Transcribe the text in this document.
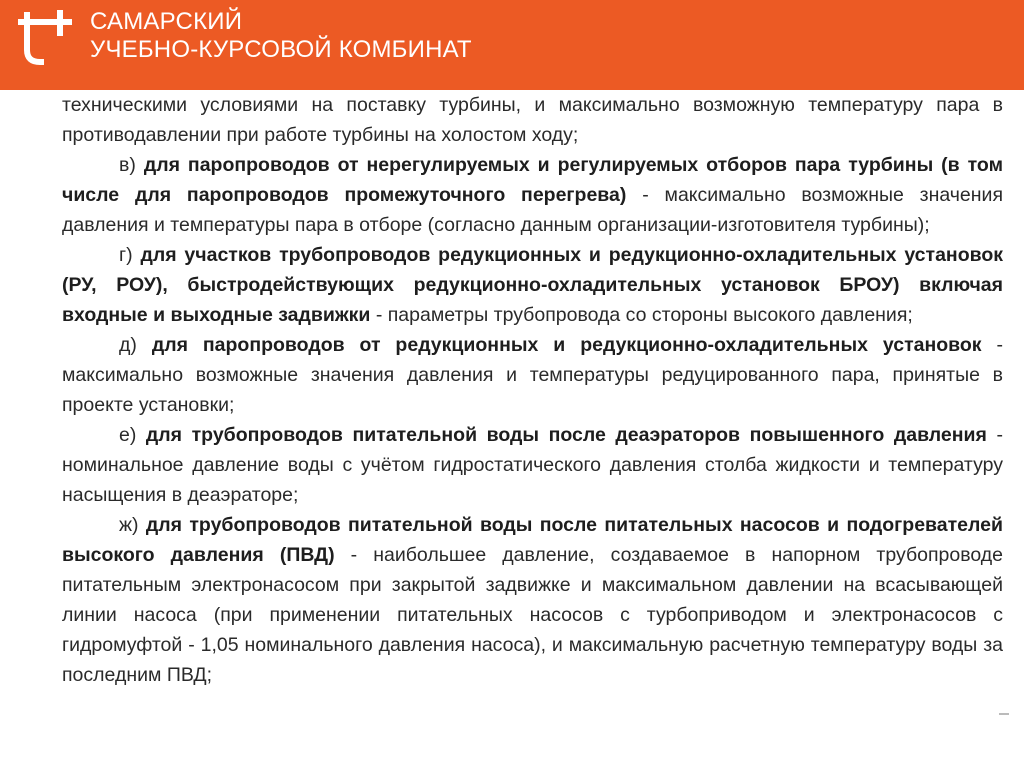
САМАРСКИЙ
УЧЕБНО-КУРСОВОЙ КОМБИНАТ

техническими условиями на поставку турбины, и максимально возможную температуру пара в противодавлении при работе турбины на холостом ходу;

в) для паропроводов от нерегулируемых и регулируемых отборов пара турбины (в том числе для паропроводов промежуточного перегрева) - максимально возможные значения давления и температуры пара в отборе (согласно данным организации-изготовителя турбины);

г) для участков трубопроводов редукционных и редукционно-охладительных установок (РУ, РОУ), быстродействующих редукционно-охладительных установок БРОУ) включая входные и выходные задвижки - параметры трубопровода со стороны высокого давления;

д) для паропроводов от редукционных и редукционно-охладительных установок - максимально возможные значения давления и температуры редуцированного пара, принятые в проекте установки;

е) для трубопроводов питательной воды после деаэраторов повышенного давления - номинальное давление воды с учётом гидростатического давления столба жидкости и температуру насыщения в деаэраторе;

ж) для трубопроводов питательной воды после питательных насосов и подогревателей высокого давления (ПВД) - наибольшее давление, создаваемое в напорном трубопроводе питательным электронасосом при закрытой задвижке и максимальном давлении на всасывающей линии насоса (при применении питательных насосов с турбоприводом и электронасосов с гидромуфтой - 1,05 номинального давления насоса), и максимальную расчетную температуру воды за последним ПВД;
